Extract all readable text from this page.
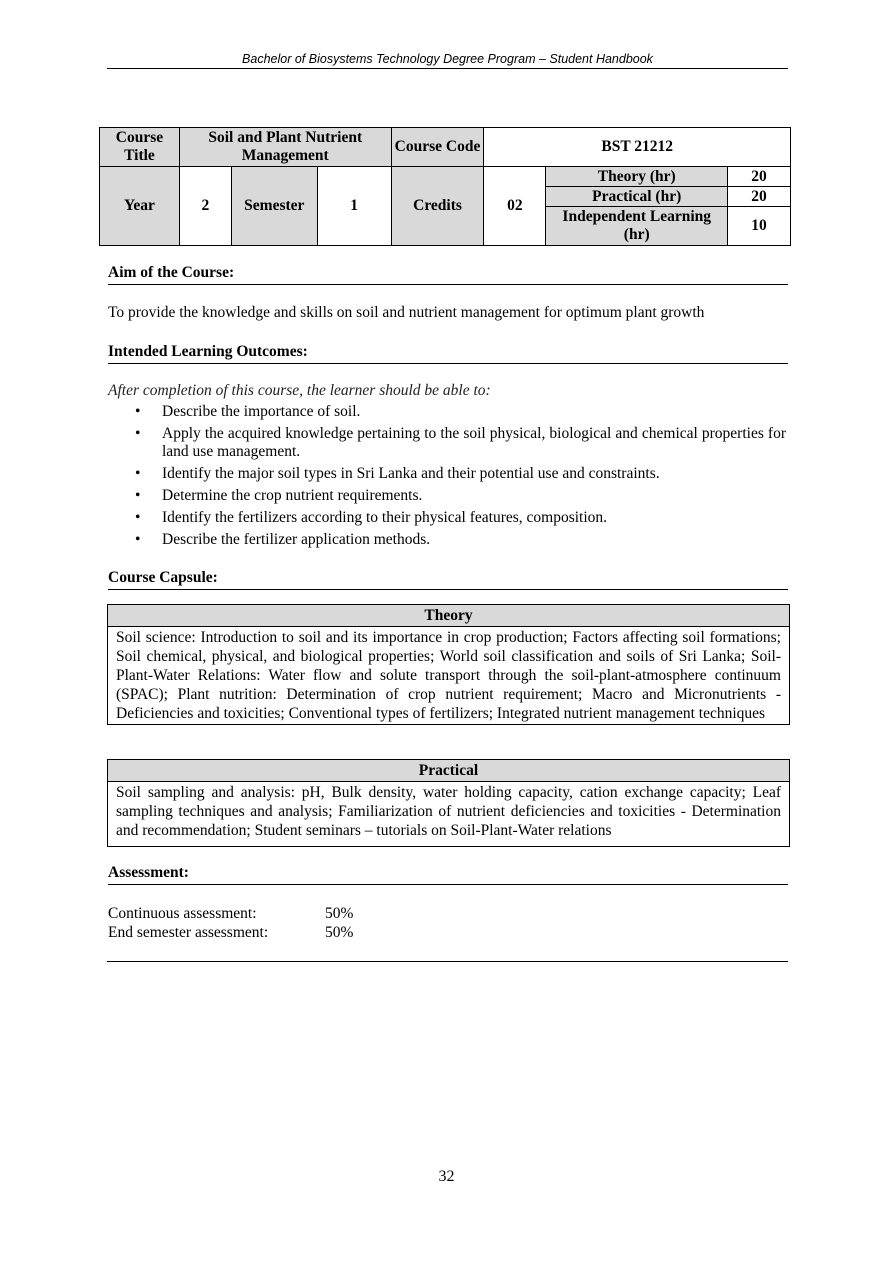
Bachelor of Biosystems Technology Degree Program – Student Handbook
Course Title	Soil and Plant Nutrient Management			Course Code	BST 21212		
Year	2	Semester	1	Credits	02	Theory (hr)	20
						Practical (hr)	20
						Independent Learning (hr)	10
Aim of the Course:
To provide the knowledge and skills on soil and nutrient management for optimum plant growth
Intended Learning Outcomes:
After completion of this course, the learner should be able to:
• Describe the importance of soil.
• Apply the acquired knowledge pertaining to the soil physical, biological and chemical properties for land use management.
• Identify the major soil types in Sri Lanka and their potential use and constraints.
• Determine the crop nutrient requirements.
• Identify the fertilizers according to their physical features, composition.
• Describe the fertilizer application methods.
Course Capsule:
Theory
Soil science: Introduction to soil and its importance in crop production; Factors affecting soil formations; Soil chemical, physical, and biological properties; World soil classification and soils of Sri Lanka; Soil-Plant-Water Relations: Water flow and solute transport through the soil-plant-atmosphere continuum (SPAC); Plant nutrition: Determination of crop nutrient requirement; Macro and Micronutrients - Deficiencies and toxicities; Conventional types of fertilizers; Integrated nutrient management techniques
Practical
Soil sampling and analysis: pH, Bulk density, water holding capacity, cation exchange capacity; Leaf sampling techniques and analysis; Familiarization of nutrient deficiencies and toxicities - Determination and recommendation; Student seminars – tutorials on Soil-Plant-Water relations
Assessment:
Continuous assessment:	50%
End semester assessment:	50%
32
